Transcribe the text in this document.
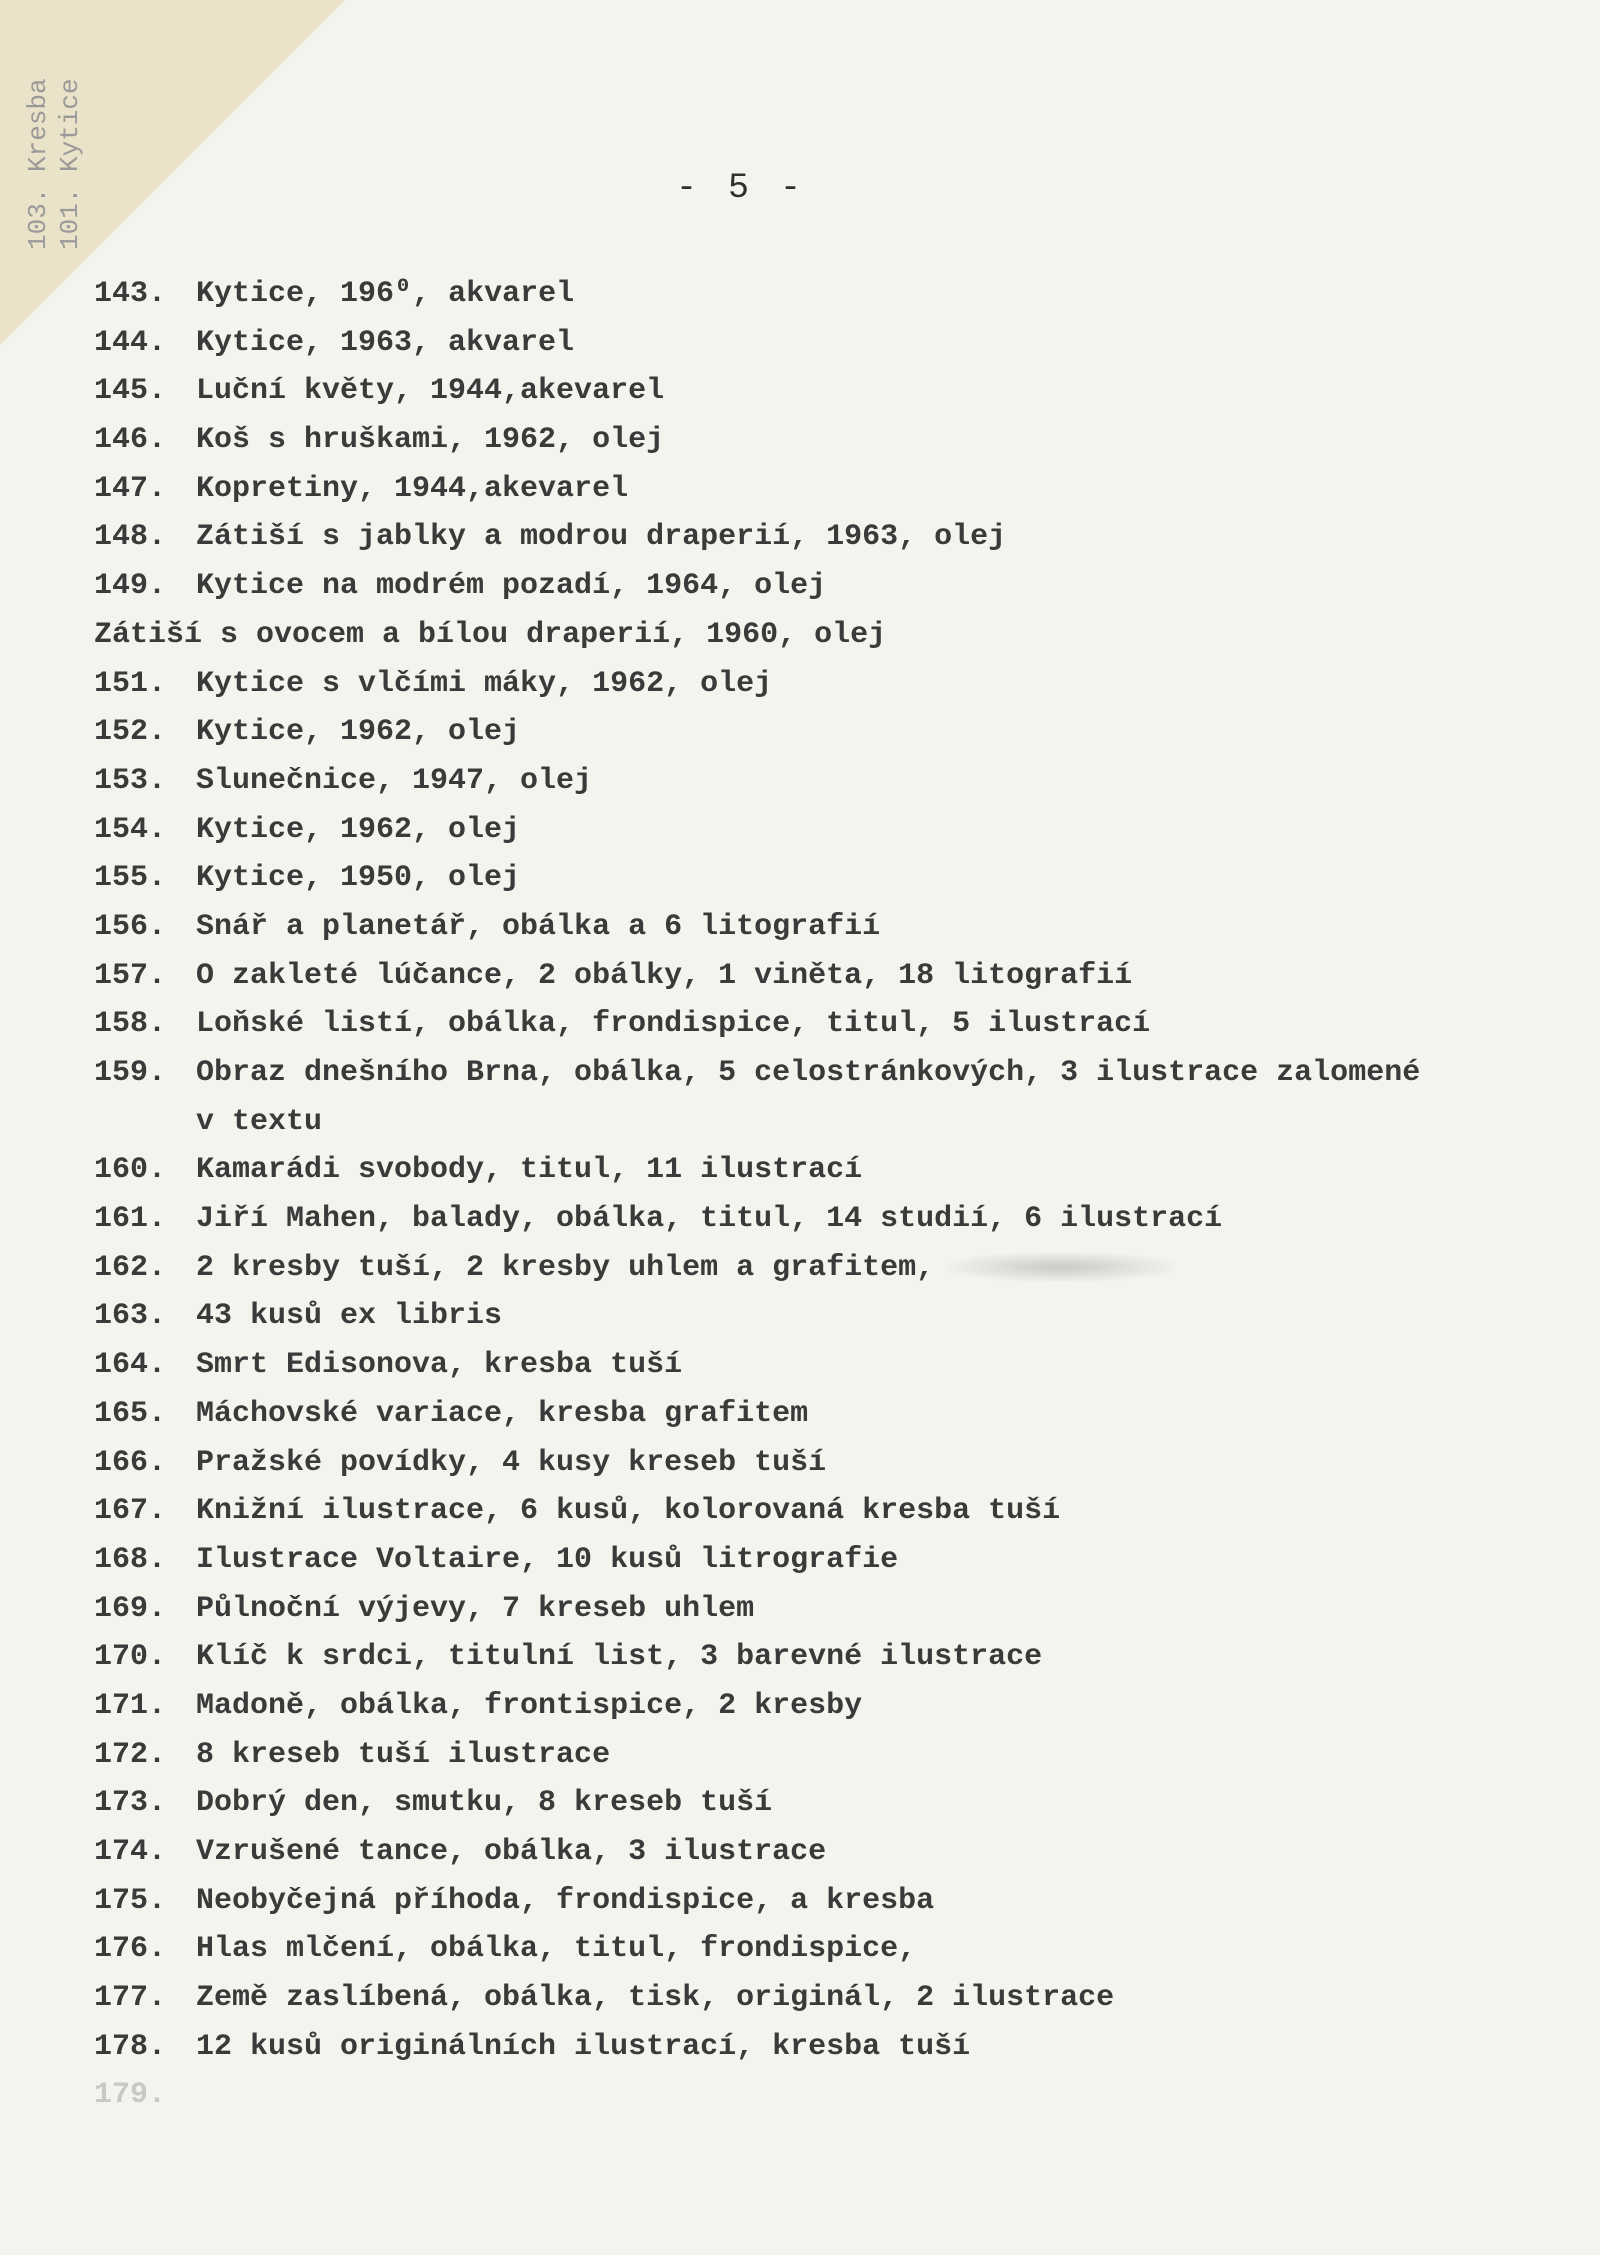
103. Kresba 101. Kytice	- 5 -
143. Kytice, 196⁰, akvarel
144. Kytice, 1963, akvarel
145. Luční květy, 1944,akevarel
146. Koš s hruškami, 1962, olej
147. Kopretiny, 1944,akevarel
148. Zátiší s jablky a modrou draperií, 1963, olej
149. Kytice na modrém pozadí, 1964, olej
Zátiší s ovocem a bílou draperií, 1960, olej
151. Kytice s vlčími máky, 1962, olej
152. Kytice, 1962, olej
153. Slunečnice, 1947, olej
154. Kytice, 1962, olej
155. Kytice, 1950, olej
156. Snář a planetář, obálka a 6 litografií
157. O zakleté lúčance, 2 obálky, 1 viněta, 18 litografií
158. Loňské listí, obálka, frondispice, titul, 5 ilustrací
159. Obraz dnešního Brna, obálka, 5 celostránkových, 3 ilustrace zalomené
v textu
160. Kamarádi svobody, titul, 11 ilustrací
161. Jiří Mahen, balady, obálka, titul, 14 studií, 6 ilustrací
162. 2 kresby tuší, 2 kresby uhlem a grafitem,
163. 43 kusů ex libris
164. Smrt Edisonova, kresba tuší
165. Máchovské variace, kresba grafitem
166. Pražské povídky, 4 kusy kreseb tuší
167. Knižní ilustrace, 6 kusů, kolorovaná kresba tuší
168. Ilustrace Voltaire, 10 kusů litrografie
169. Půlnoční výjevy, 7 kreseb uhlem
170. Klíč k srdci, titulní list, 3 barevné ilustrace
171. Madoně, obálka, frontispice, 2 kresby
172. 8 kreseb tuší ilustrace
173. Dobrý den, smutku, 8 kreseb tuší
174. Vzrušené tance, obálka, 3 ilustrace
175. Neobyčejná příhoda, frondispice, a kresba
176. Hlas mlčení, obálka, titul, frondispice,
177. Země zaslíbená, obálka, tisk, originál, 2 ilustrace
178. 12 kusů originálních ilustrací, kresba tuší
179.
